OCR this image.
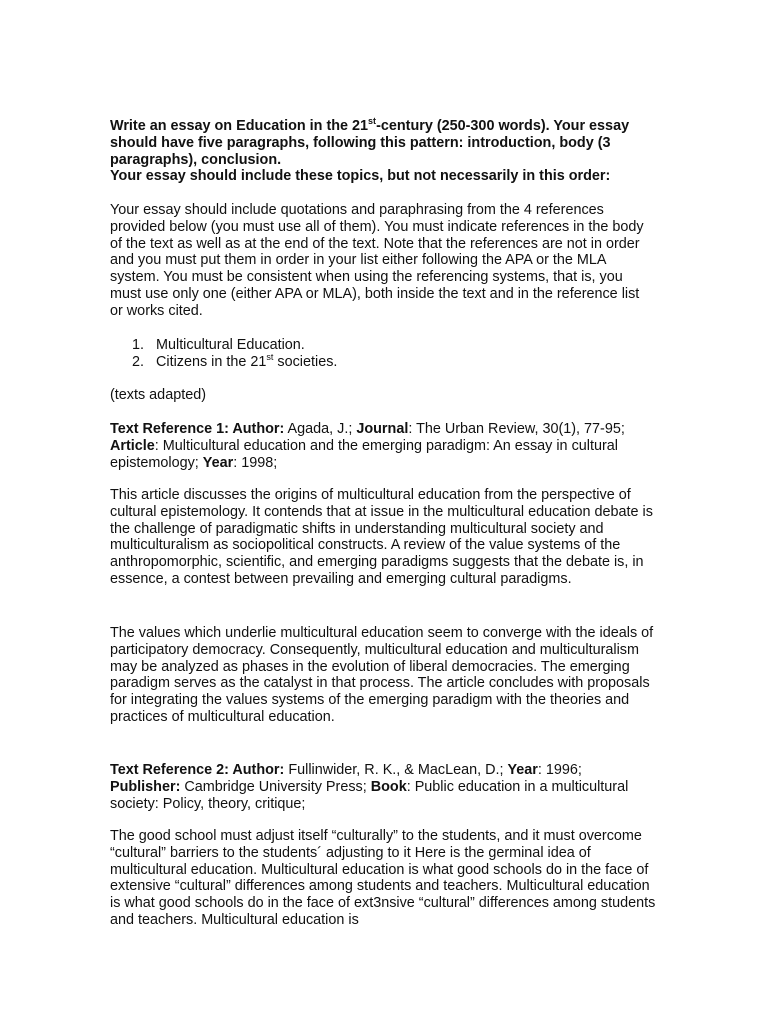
Write an essay on Education in the 21st-century (250-300 words). Your essay should have five paragraphs, following this pattern: introduction, body (3 paragraphs), conclusion.
Your essay should include these topics, but not necessarily in this order:

Your essay should include quotations and paraphrasing from the 4 references provided below (you must use all of them). You must indicate references in the body of the text as well as at the end of the text. Note that the references are not in order and you must put them in order in your list either following the APA or the MLA system. You must be consistent when using the referencing systems, that is, you must use only one (either APA or MLA), both inside the text and in the reference list or works cited.

1. Multicultural Education.
2. Citizens in the 21st societies.

(texts adapted)

Text Reference 1: Author: Agada, J.; Journal: The Urban Review, 30(1), 77-95; Article: Multicultural education and the emerging paradigm: An essay in cultural epistemology; Year: 1998;

This article discusses the origins of multicultural education from the perspective of cultural epistemology. It contends that at issue in the multicultural education debate is the challenge of paradigmatic shifts in understanding multicultural society and multiculturalism as sociopolitical constructs. A review of the value systems of the anthropomorphic, scientific, and emerging paradigms suggests that the debate is, in essence, a contest between prevailing and emerging cultural paradigms.

The values which underlie multicultural education seem to converge with the ideals of participatory democracy. Consequently, multicultural education and multiculturalism may be analyzed as phases in the evolution of liberal democracies. The emerging paradigm serves as the catalyst in that process. The article concludes with proposals for integrating the values systems of the emerging paradigm with the theories and practices of multicultural education.

Text Reference 2: Author: Fullinwider, R. K., & MacLean, D.; Year: 1996; Publisher: Cambridge University Press; Book: Public education in a multicultural society: Policy, theory, critique;

The good school must adjust itself “culturally” to the students, and it must overcome “cultural” barriers to the students´ adjusting to it Here is the germinal idea of multicultural education. Multicultural education is what good schools do in the face of extensive “cultural” differences among students and teachers. Multicultural education is what good schools do in the face of ext3nsive “cultural” differences among students and teachers. Multicultural education is
